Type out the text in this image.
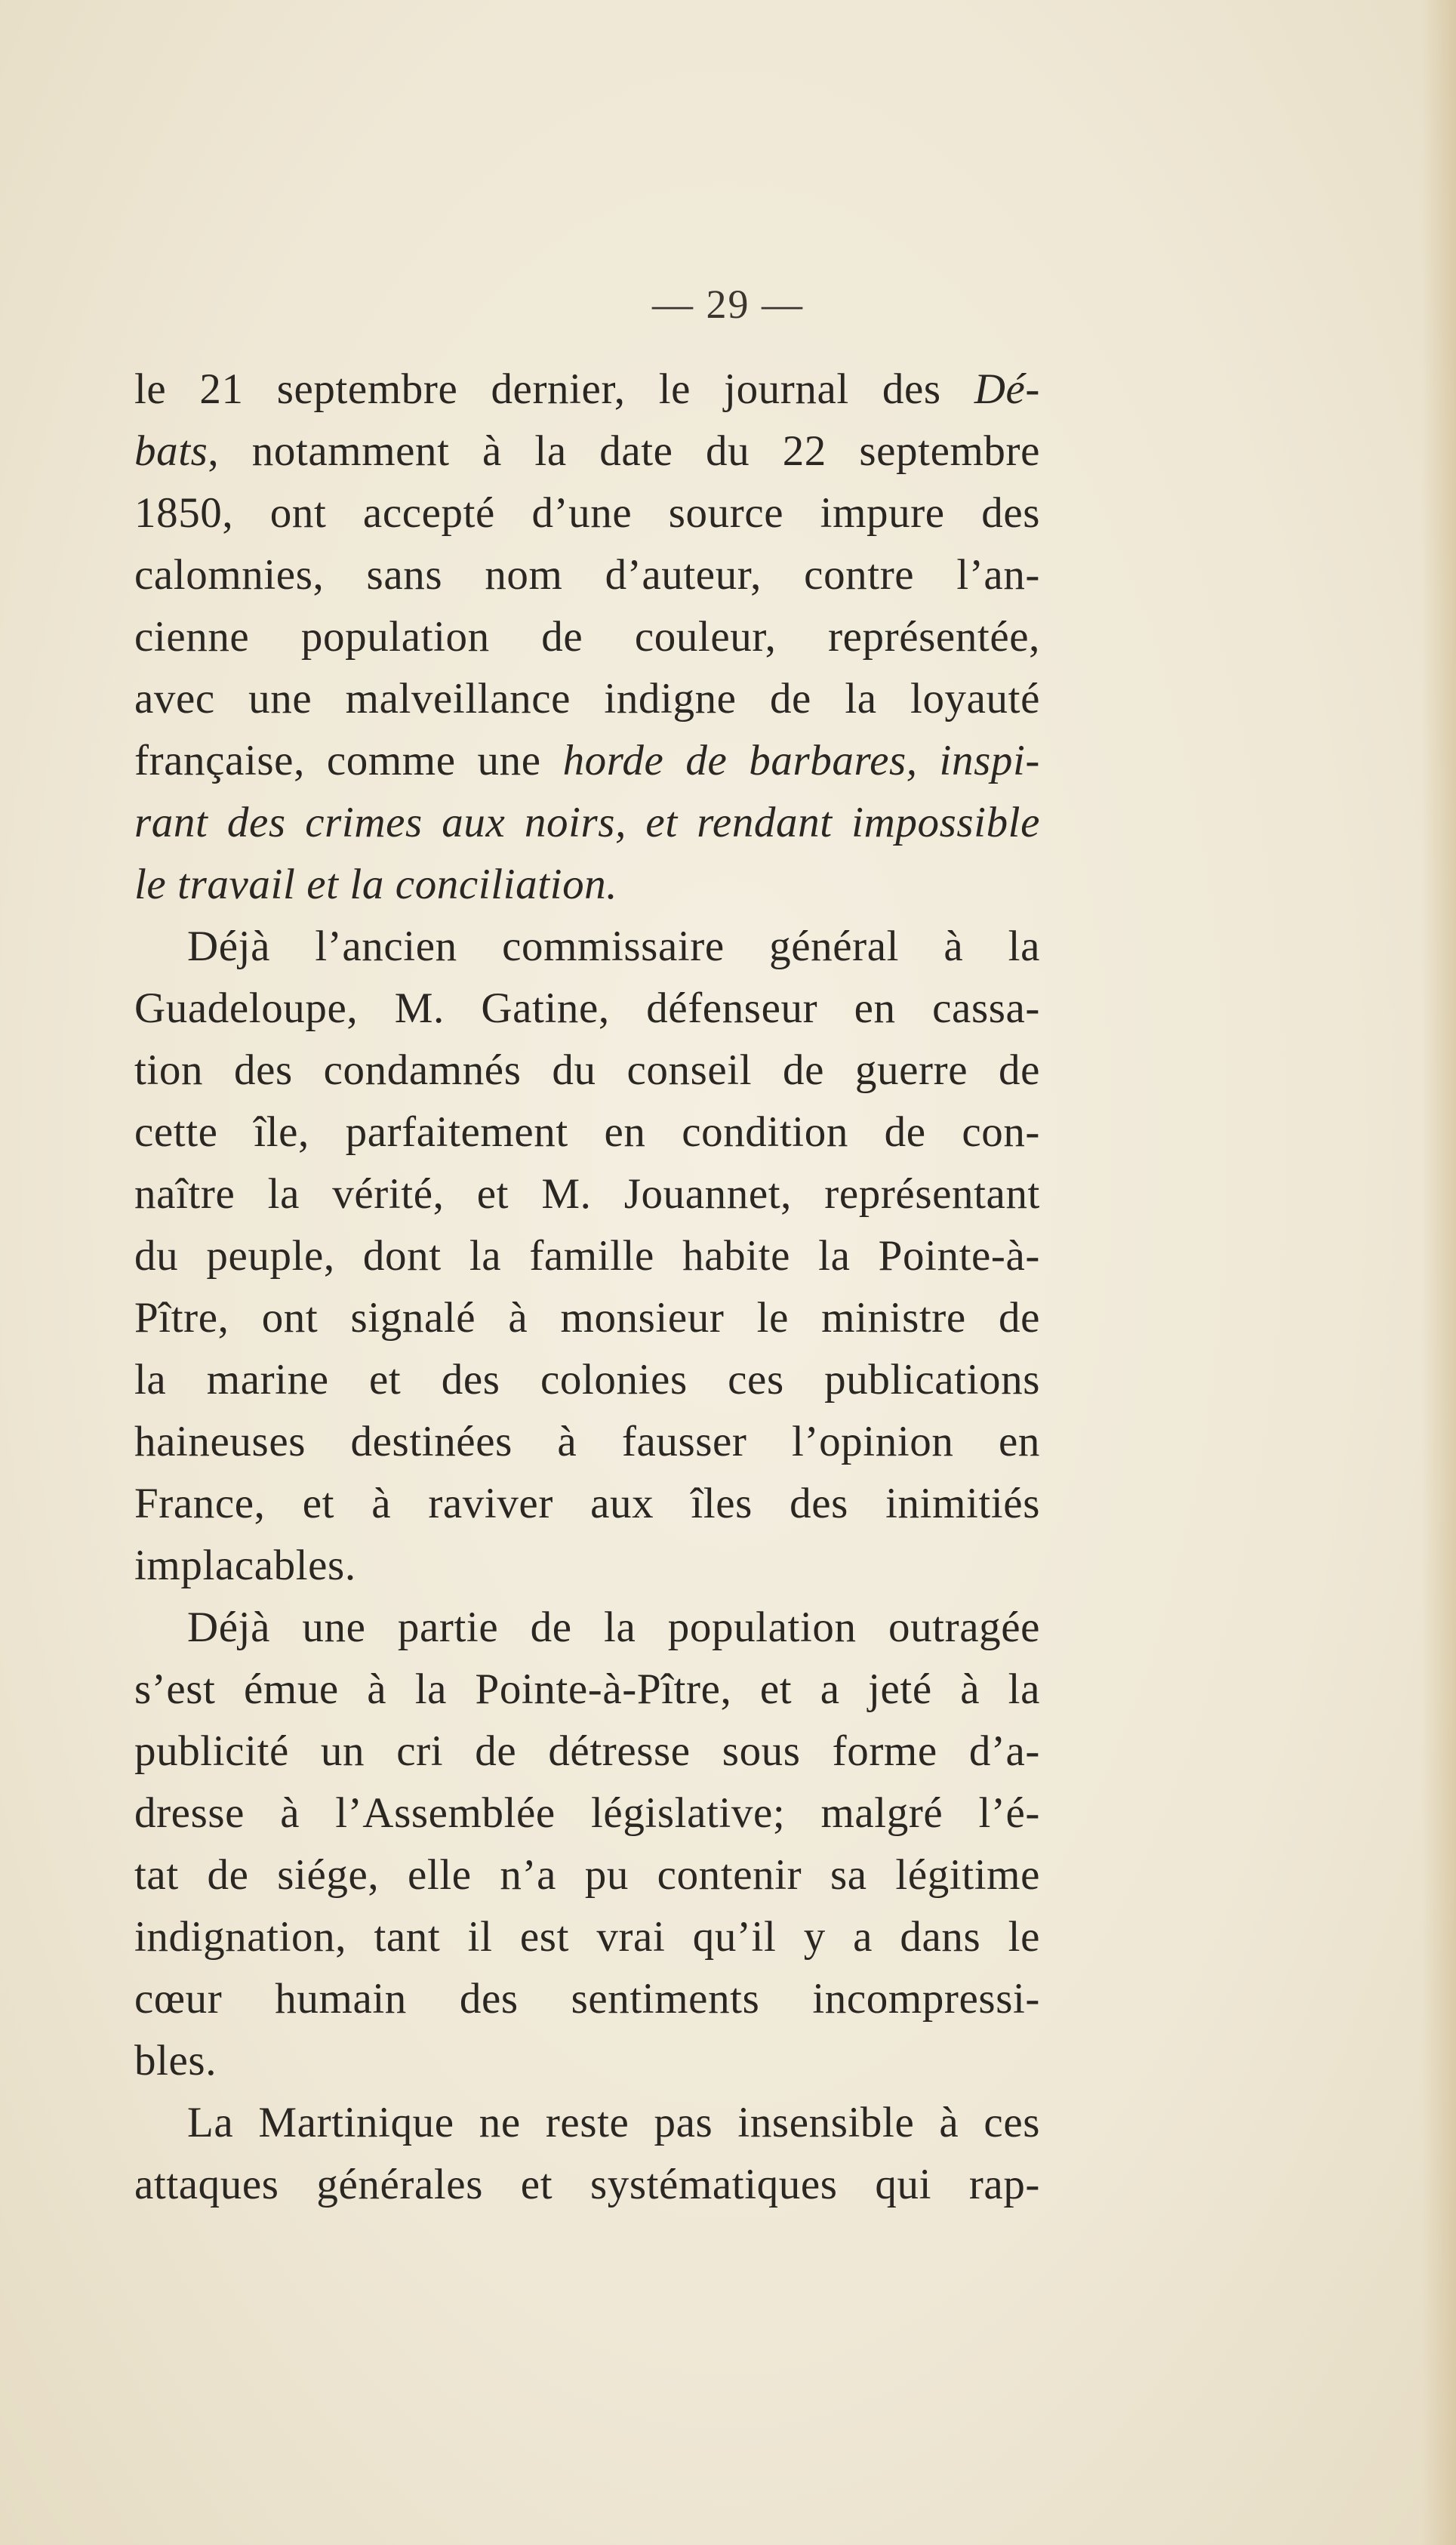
— 29 —
le 21 septembre dernier, le journal des Dé-
bats, notamment à la date du 22 septembre
1850, ont accepté d’une source impure des
calomnies, sans nom d’auteur, contre l’an-
cienne population de couleur, représentée,
avec une malveillance indigne de la loyauté
française, comme une horde de barbares, inspi-
rant des crimes aux noirs, et rendant impossible
le travail et la conciliation.
Déjà l’ancien commissaire général à la
Guadeloupe, M. Gatine, défenseur en cassa-
tion des condamnés du conseil de guerre de
cette île, parfaitement en condition de con-
naître la vérité, et M. Jouannet, représentant
du peuple, dont la famille habite la Pointe-à-
Pître, ont signalé à monsieur le ministre de
la marine et des colonies ces publications
haineuses destinées à fausser l’opinion en
France, et à raviver aux îles des inimitiés
implacables.
Déjà une partie de la population outragée
s’est émue à la Pointe-à-Pître, et a jeté à la
publicité un cri de détresse sous forme d’a-
dresse à l’Assemblée législative; malgré l’é-
tat de siége, elle n’a pu contenir sa légitime
indignation, tant il est vrai qu’il y a dans le
cœur humain des sentiments incompressi-
bles.
La Martinique ne reste pas insensible à ces
attaques générales et systématiques qui rap-
